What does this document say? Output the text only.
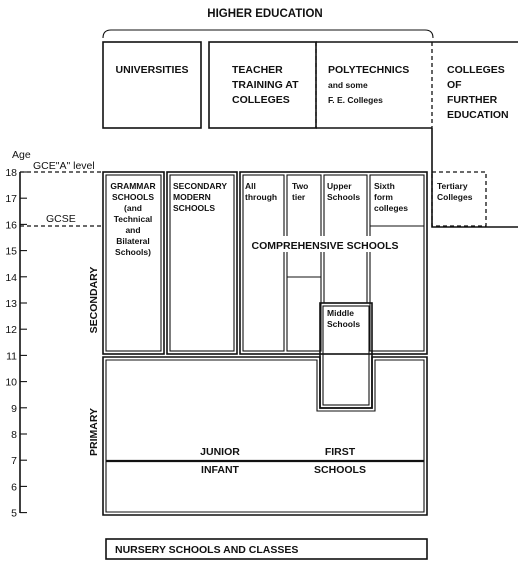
HIGHER EDUCATION
UNIVERSITIES	TEACHER
TRAINING AT
COLLEGES
POLYTECHNICS
and some
F. E. Colleges
COLLEGES
OF
FURTHER
EDUCATION
Age
18
17
16
15
14
13
12
11
10
9
8
7
6
5
GCE"A" level
GCSE
SECONDARY
PRIMARY
GRAMMAR
SCHOOLS
(and
Technical
and
Bilateral
Schools)
SECONDARY
MODERN
SCHOOLS
All
through
Two
tier
Upper
Schools
Sixth
form
colleges
COMPREHENSIVE SCHOOLS
Tertiary
Colleges
Middle
Schools
JUNIOR
INFANT
FIRST
SCHOOLS
NURSERY SCHOOLS AND CLASSES
